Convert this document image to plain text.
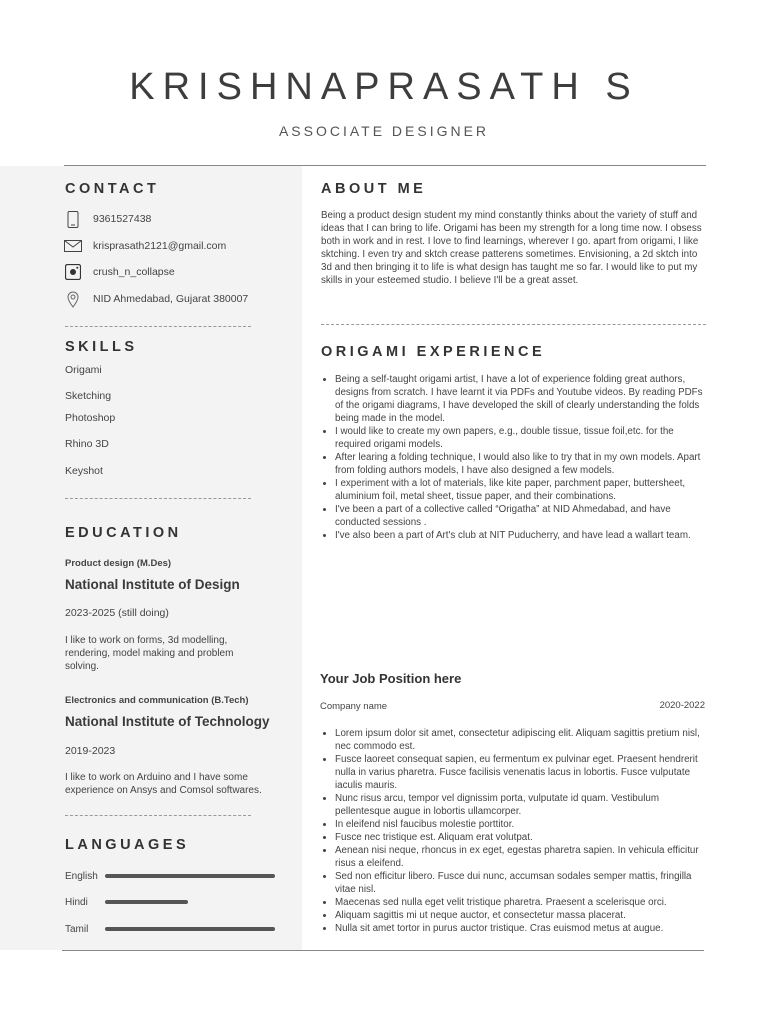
KRISHNAPRASATH S
ASSOCIATE DESIGNER
CONTACT
9361527438
krisprasath2121@gmail.com
crush_n_collapse
NID Ahmedabad, Gujarat 380007
SKILLS
Origami
Sketching
Photoshop
Rhino 3D
Keyshot
EDUCATION
Product design (M.Des)
National Institute of Design
2023-2025 (still doing)
I like to work on forms, 3d modelling, rendering, model making and problem solving.
Electronics and communication (B.Tech)
National Institute of Technology
2019-2023
I like to work on Arduino and I have some experience on Ansys and Comsol softwares.
LANGUAGES
English
Hindi
Tamil
ABOUT ME
Being a product design student my mind constantly thinks about the variety of stuff and ideas that I can bring to life. Origami has been my strength for a long time now. I obsess both in work and in rest. I love to find learnings, wherever I go. apart from origami, I like sktching. I even try and sktch crease patterens sometimes. Envisioning, a 2d sktch into 3d and then bringing it to life is what design has taught me so far. I would like to put my skills in your esteemed studio. I believe I'll be a great asset.
ORIGAMI EXPERIENCE
• Being a self-taught origami artist, I have a lot of experience folding great authors, designs from scratch. I have learnt it via PDFs and Youtube videos. By reading PDFs of the origami diagrams, I have developed the skill of clearly understanding the folds being made in the model.
• I would like to create my own papers, e.g., double tissue, tissue foil,etc. for the required origami models.
• After learing a folding technique, I would also like to try that in my own models. Apart from folding authors models, I have also designed a few models.
• I experiment with a lot of materials, like kite paper, parchment paper, buttersheet, aluminium foil, metal sheet, tissue paper, and their combinations.
• I've been a part of a collective called “Origatha” at NID Ahmedabad, and have conducted sessions .
• I've also been a part of Art's club at NIT Puducherry, and have lead a wallart team.
Your Job Position here
Company name	2020-2022
• Lorem ipsum dolor sit amet, consectetur adipiscing elit. Aliquam sagittis pretium nisl, nec commodo est.
• Fusce laoreet consequat sapien, eu fermentum ex pulvinar eget. Praesent hendrerit nulla in varius pharetra. Fusce facilisis venenatis lacus in lobortis. Fusce vulputate iaculis mauris.
• Nunc risus arcu, tempor vel dignissim porta, vulputate id quam. Vestibulum pellentesque augue in lobortis ullamcorper.
• In eleifend nisl faucibus molestie porttitor.
• Fusce nec tristique est. Aliquam erat volutpat.
• Aenean nisi neque, rhoncus in ex eget, egestas pharetra sapien. In vehicula efficitur risus a eleifend.
• Sed non efficitur libero. Fusce dui nunc, accumsan sodales semper mattis, fringilla vitae nisl.
• Maecenas sed nulla eget velit tristique pharetra. Praesent a scelerisque orci.
• Aliquam sagittis mi ut neque auctor, et consectetur massa placerat.
• Nulla sit amet tortor in purus auctor tristique. Cras euismod metus at augue.
